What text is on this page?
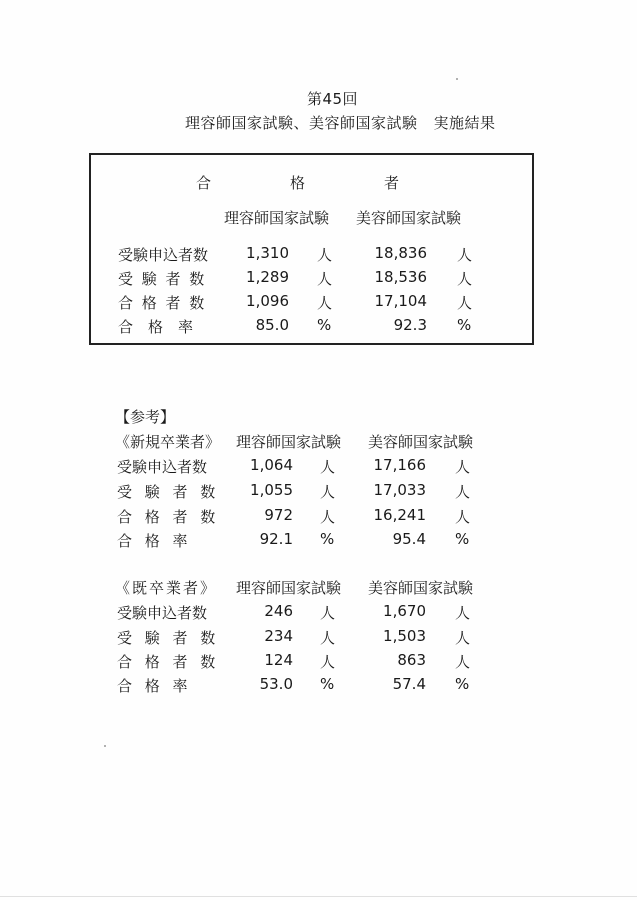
第45回
理容師国家試験、美容師国家試験 実施結果
合	格	者
理容師国家試験 美容師国家試験
受験申込者数	1,310 人	18,836 人
受 験 者 数	1,289 人	18,536 人
合 格 者 数	1,096 人	17,104 人
合　格　率	85.0 %	92.3 %
【参考】
《新規卒業者》 理容師国家試験 美容師国家試験
受験申込者数	1,064 人	17,166 人
受 験 者 数	1,055 人	17,033 人
合 格 者 数	972 人	16,241 人
合 格 率	92.1 %	95.4 %
《既卒業者》 理容師国家試験 美容師国家試験
受験申込者数	246 人	1,670 人
受 験 者 数	234 人	1,503 人
合 格 者 数	124 人	863 人
合 格 率	53.0 %	57.4 %
